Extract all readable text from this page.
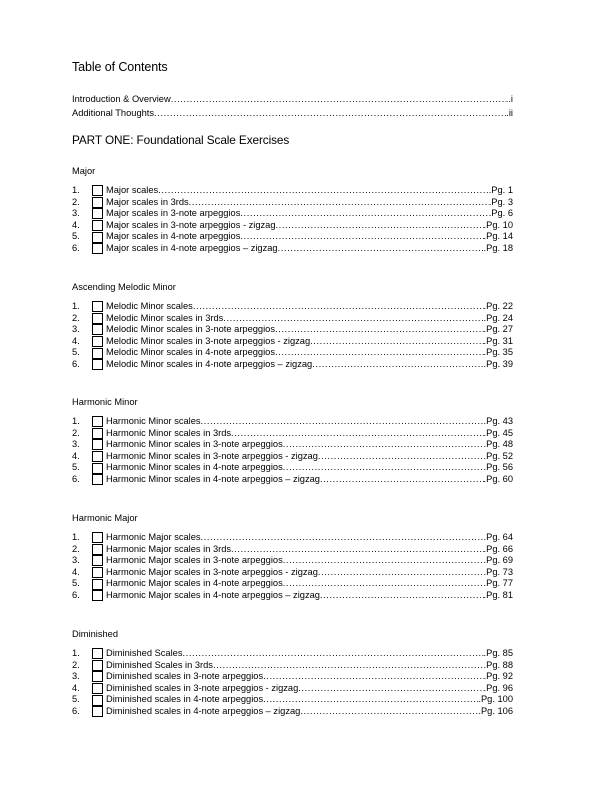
Table of Contents
Introduction & Overview .....	..i
Additional Thoughts .....	.ii
PART ONE: Foundational Scale Exercises
Major
1.	Major scales .....	.Pg. 1
2.	Major scales in 3rds .....	.Pg. 3
3.	Major scales in 3-note arpeggios .....	.Pg. 6
4.	Major scales in 3-note arpeggios - zigzag .....	.Pg. 10
5.	Major scales in 4-note arpeggios .....	.Pg. 14
6.	Major scales in 4-note arpeggios – zigzag .....	.Pg. 18
Ascending Melodic Minor
1.	Melodic Minor scales .....	.Pg. 22
2.	Melodic Minor scales in 3rds .....	.Pg. 24
3.	Melodic Minor scales in 3-note arpeggios .....	.Pg. 27
4.	Melodic Minor scales in 3-note arpeggios - zigzag .....	.Pg. 31
5.	Melodic Minor scales in 4-note arpeggios .....	.Pg. 35
6.	Melodic Minor scales in 4-note arpeggios – zigzag .....	.Pg. 39
Harmonic Minor
1.	Harmonic Minor scales .....	.Pg. 43
2.	Harmonic Minor scales in 3rds .....	.Pg. 45
3.	Harmonic Minor scales in 3-note arpeggios .....	.Pg. 48
4.	Harmonic Minor scales in 3-note arpeggios - zigzag .....	.Pg. 52
5.	Harmonic Minor scales in 4-note arpeggios .....	.Pg. 56
6.	Harmonic Minor scales in 4-note arpeggios – zigzag .....	.Pg. 60
Harmonic Major
1.	Harmonic Major scales .....	.Pg. 64
2.	Harmonic Major scales in 3rds .....	.Pg. 66
3.	Harmonic Major scales in 3-note arpeggios .....	.Pg. 69
4.	Harmonic Major scales in 3-note arpeggios - zigzag .....	.Pg. 73
5.	Harmonic Major scales in 4-note arpeggios .....	.Pg. 77
6.	Harmonic Major scales in 4-note arpeggios – zigzag .....	.Pg. 81
Diminished
1.	Diminished Scales .....	.Pg. 85
2.	Diminished Scales in 3rds .....	.Pg. 88
3.	Diminished scales in 3-note arpeggios .....	.Pg. 92
4.	Diminished scales in 3-note arpeggios - zigzag .....	.Pg. 96
5.	Diminished scales in 4-note arpeggios .....	.Pg. 100
6.	Diminished scales in 4-note arpeggios – zigzag .....	.Pg. 106
